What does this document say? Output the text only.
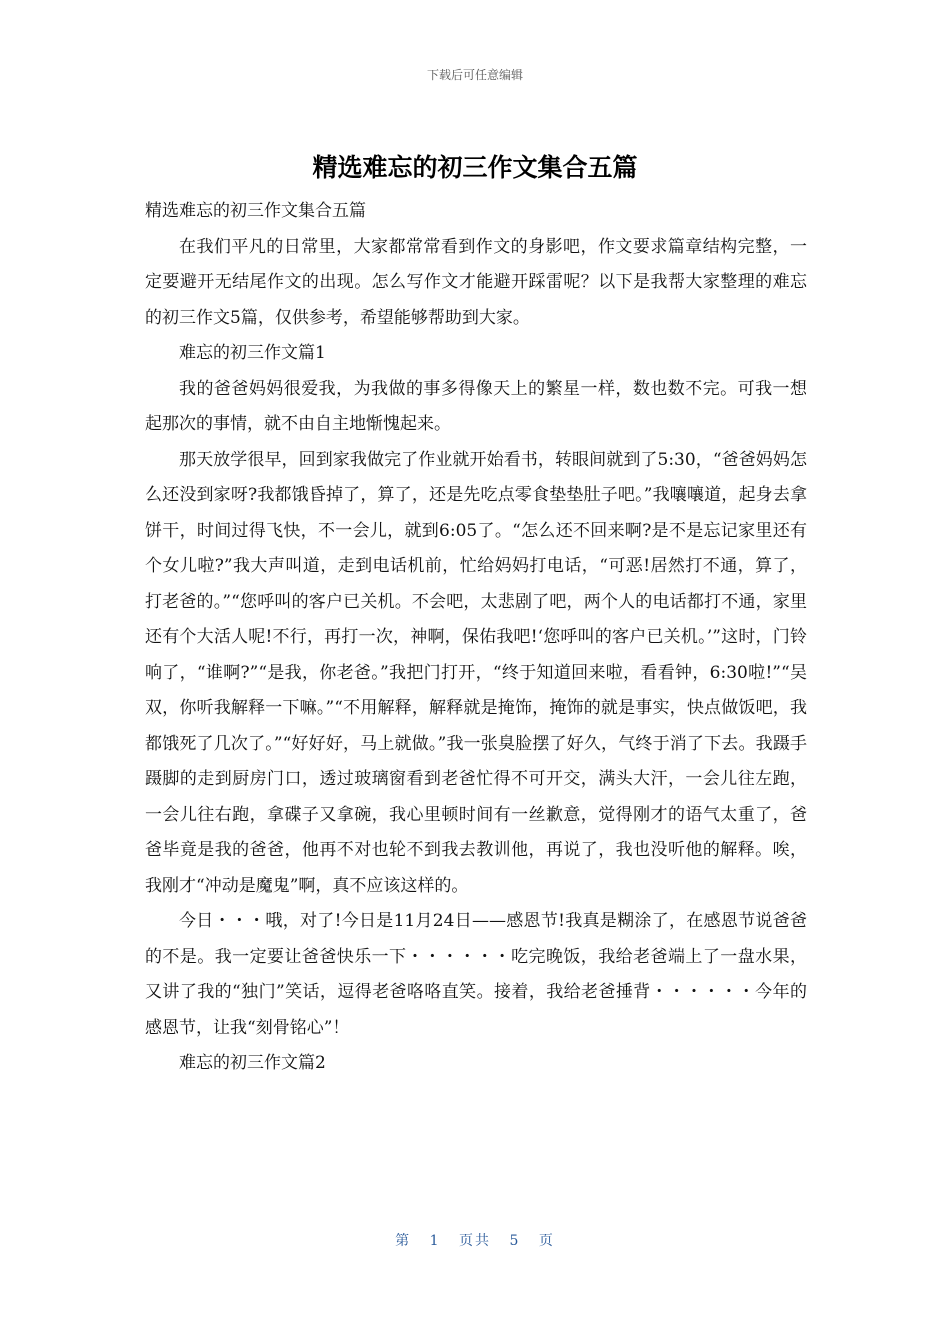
下载后可任意编辑
精选难忘的初三作文集合五篇

精选难忘的初三作文集合五篇

在我们平凡的日常里，大家都常常看到作文的身影吧，作文要求篇章结构完整，一定要避开无结尾作文的出现。怎么写作文才能避开踩雷呢？以下是我帮大家整理的难忘的初三作文5篇，仅供参考，希望能够帮助到大家。

难忘的初三作文篇1

我的爸爸妈妈很爱我，为我做的事多得像天上的繁星一样，数也数不完。可我一想起那次的事情，就不由自主地惭愧起来。

那天放学很早，回到家我做完了作业就开始看书，转眼间就到了5:30，“爸爸妈妈怎么还没到家呀?我都饿昏掉了，算了，还是先吃点零食垫垫肚子吧。”我嚷嚷道，起身去拿饼干，时间过得飞快，不一会儿，就到6:05了。“怎么还不回来啊?是不是忘记家里还有个女儿啦?”我大声叫道，走到电话机前，忙给妈妈打电话，“可恶!居然打不通，算了，打老爸的。”“您呼叫的客户已关机。不会吧，太悲剧了吧，两个人的电话都打不通，家里还有个大活人呢!不行，再打一次，神啊，保佑我吧!‘您呼叫的客户已关机。’”这时，门铃响了，“谁啊?”“是我，你老爸。”我把门打开，“终于知道回来啦，看看钟，6:30啦!”“吴双，你听我解释一下嘛。”“不用解释，解释就是掩饰，掩饰的就是事实，快点做饭吧，我都饿死了几次了。”“好好好，马上就做。”我一张臭脸摆了好久，气终于消了下去。我蹑手蹑脚的走到厨房门口，透过玻璃窗看到老爸忙得不可开交，满头大汗，一会儿往左跑，一会儿往右跑，拿碟子又拿碗，我心里顿时间有一丝歉意，觉得刚才的语气太重了，爸爸毕竟是我的爸爸，他再不对也轮不到我去教训他，再说了，我也没听他的解释。唉，我刚才“冲动是魔鬼”啊，真不应该这样的。

今日・・・哦，对了!今日是11月24日——感恩节!我真是糊涂了，在感恩节说爸爸的不是。我一定要让爸爸快乐一下・・・・・・吃完晚饭，我给老爸端上了一盘水果，又讲了我的“独门”笑话，逗得老爸咯咯直笑。接着，我给老爸捶背・・・・・・今年的感恩节，让我“刻骨铭心”！

难忘的初三作文篇2

第 1 页共 5 页
